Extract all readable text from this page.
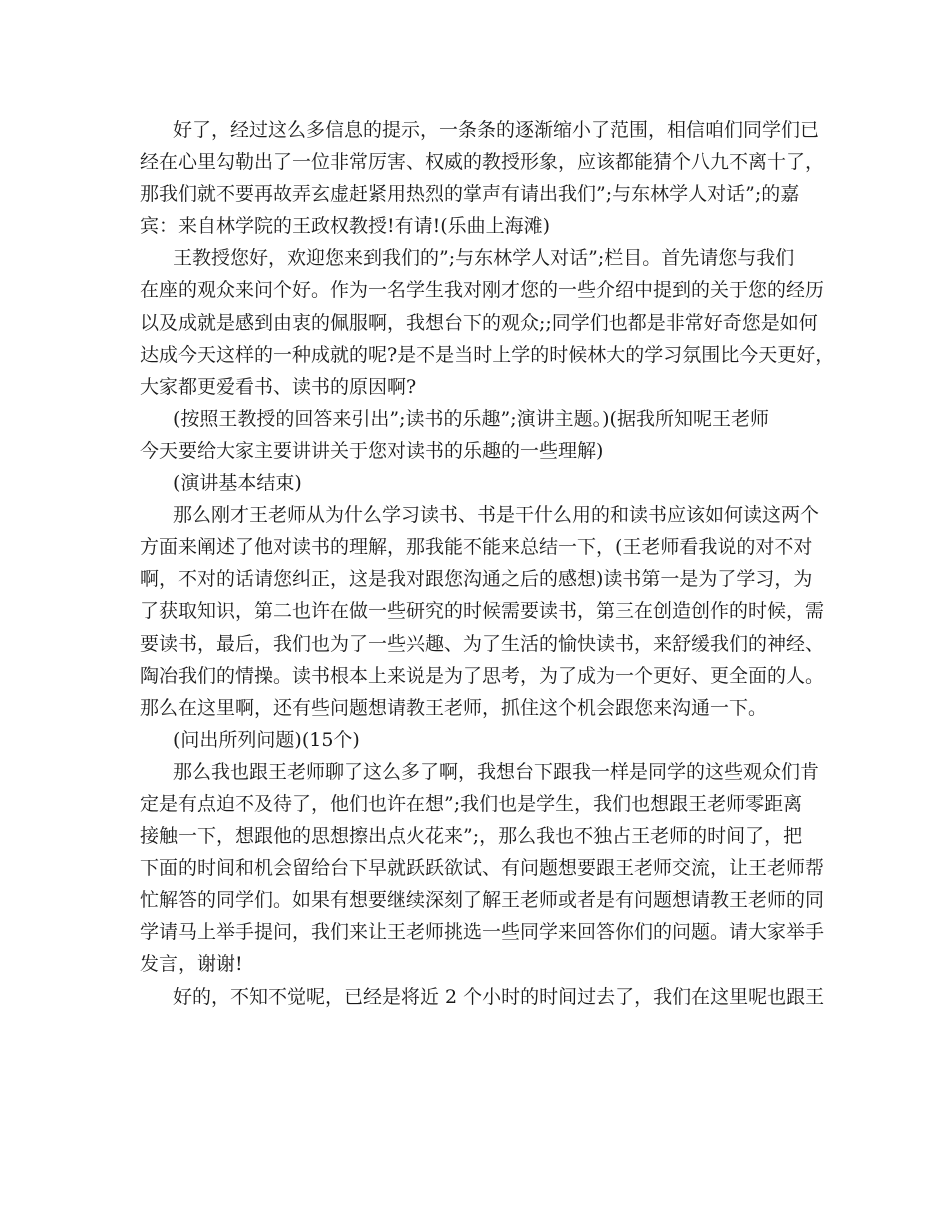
好了，经过这么多信息的提示，一条条的逐渐缩小了范围，相信咱们同学们已
经在心里勾勒出了一位非常厉害、权威的教授形象，应该都能猜个八九不离十了，
那我们就不要再故弄玄虚赶紧用热烈的掌声有请出我们”;与东林学人对话”;的嘉
宾：来自林学院的王政权教授!有请!(乐曲上海滩)
王教授您好，欢迎您来到我们的”;与东林学人对话”;栏目。首先请您与我们
在座的观众来问个好。作为一名学生我对刚才您的一些介绍中提到的关于您的经历
以及成就是感到由衷的佩服啊，我想台下的观众;;同学们也都是非常好奇您是如何
达成今天这样的一种成就的呢?是不是当时上学的时候林大的学习氛围比今天更好，
大家都更爱看书、读书的原因啊?
(按照王教授的回答来引出”;读书的乐趣”;演讲主题。)(据我所知呢王老师
今天要给大家主要讲讲关于您对读书的乐趣的一些理解)
(演讲基本结束)
那么刚才王老师从为什么学习读书、书是干什么用的和读书应该如何读这两个
方面来阐述了他对读书的理解，那我能不能来总结一下，(王老师看我说的对不对
啊，不对的话请您纠正，这是我对跟您沟通之后的感想)读书第一是为了学习，为
了获取知识，第二也许在做一些研究的时候需要读书，第三在创造创作的时候，需
要读书，最后，我们也为了一些兴趣、为了生活的愉快读书，来舒缓我们的神经、
陶冶我们的情操。读书根本上来说是为了思考，为了成为一个更好、更全面的人。
那么在这里啊，还有些问题想请教王老师，抓住这个机会跟您来沟通一下。
(问出所列问题)(15个)
那么我也跟王老师聊了这么多了啊，我想台下跟我一样是同学的这些观众们肯
定是有点迫不及待了，他们也许在想”;我们也是学生，我们也想跟王老师零距离
接触一下，想跟他的思想擦出点火花来”;，那么我也不独占王老师的时间了，把
下面的时间和机会留给台下早就跃跃欲试、有问题想要跟王老师交流，让王老师帮
忙解答的同学们。如果有想要继续深刻了解王老师或者是有问题想请教王老师的同
学请马上举手提问，我们来让王老师挑选一些同学来回答你们的问题。请大家举手
发言，谢谢!
好的，不知不觉呢，已经是将近 2 个小时的时间过去了，我们在这里呢也跟王
